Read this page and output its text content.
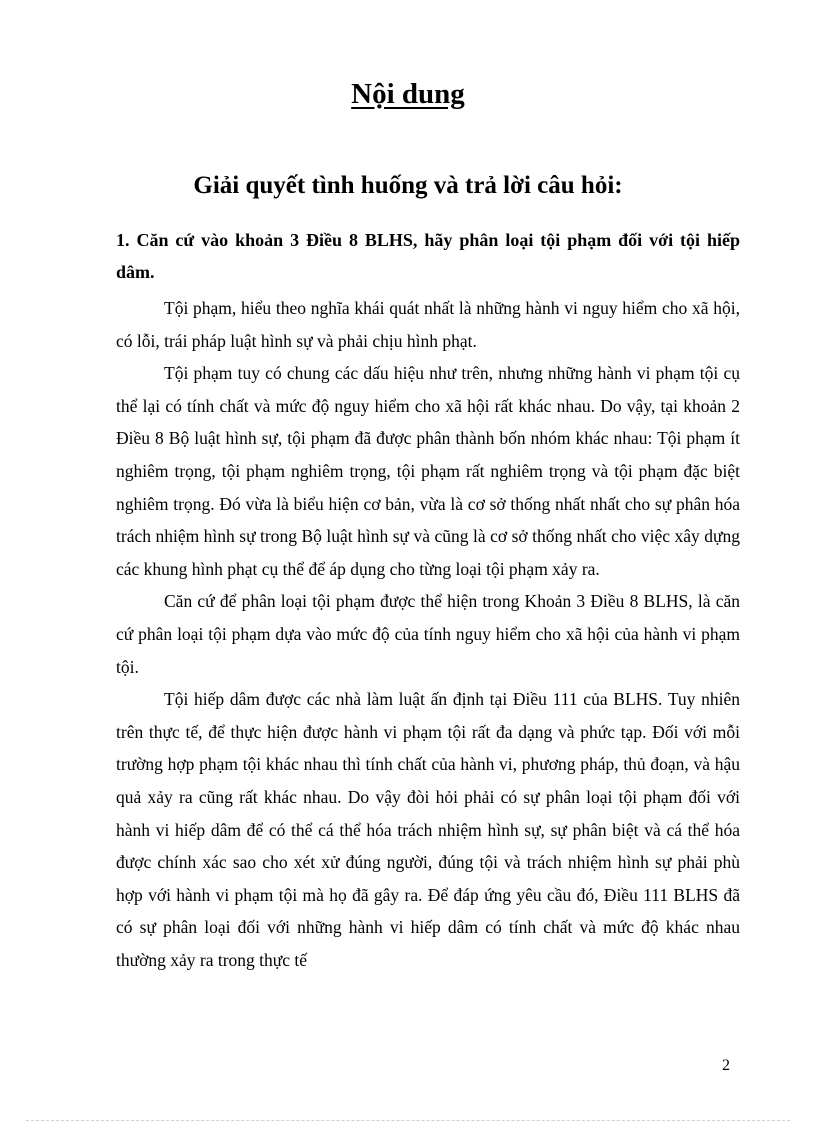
Nội dung
Giải quyết tình huống và trả lời câu hỏi:

1. Căn cứ vào khoản 3 Điều 8 BLHS, hãy phân loại tội phạm đối với tội hiếp dâm.

Tội phạm, hiểu theo nghĩa khái quát nhất là những hành vi nguy hiểm cho xã hội, có lỗi, trái pháp luật hình sự và phải chịu hình phạt.

Tội phạm tuy có chung các dấu hiệu như trên, nhưng những hành vi phạm tội cụ thể lại có tính chất và mức độ nguy hiểm cho xã hội rất khác nhau. Do vậy, tại khoản 2 Điều 8 Bộ luật hình sự, tội phạm đã được phân thành bốn nhóm khác nhau: Tội phạm ít nghiêm trọng, tội phạm nghiêm trọng, tội phạm rất nghiêm trọng và tội phạm đặc biệt nghiêm trọng. Đó vừa là biểu hiện cơ bản, vừa là cơ sở thống nhất nhất cho sự phân hóa trách nhiệm hình sự trong Bộ luật hình sự và cũng là cơ sở thống nhất cho việc xây dựng các khung hình phạt cụ thể để áp dụng cho từng loại tội phạm xảy ra.

Căn cứ để phân loại tội phạm được thể hiện trong Khoản 3 Điều 8 BLHS, là căn cứ phân loại tội phạm dựa vào mức độ của tính nguy hiểm cho xã hội của hành vi phạm tội.

Tội hiếp dâm được các nhà làm luật ấn định tại Điều 111 của BLHS. Tuy nhiên trên thực tế, để thực hiện được hành vi phạm tội rất đa dạng và phức tạp. Đối với mỗi trường hợp phạm tội khác nhau thì tính chất của hành vi, phương pháp, thủ đoạn, và hậu quả xảy ra cũng rất khác nhau. Do vậy đòi hỏi phải có sự phân loại tội phạm đối với hành vi hiếp dâm để có thể cá thể hóa trách nhiệm hình sự, sự phân biệt và cá thể hóa được chính xác sao cho xét xử đúng người, đúng tội và trách nhiệm hình sự phải phù hợp với hành vi phạm tội mà họ đã gây ra. Để đáp ứng yêu cầu đó, Điều 111 BLHS đã có sự phân loại đối với những hành vi hiếp dâm có tính chất và mức độ khác nhau thường xảy ra trong thực tế

2
